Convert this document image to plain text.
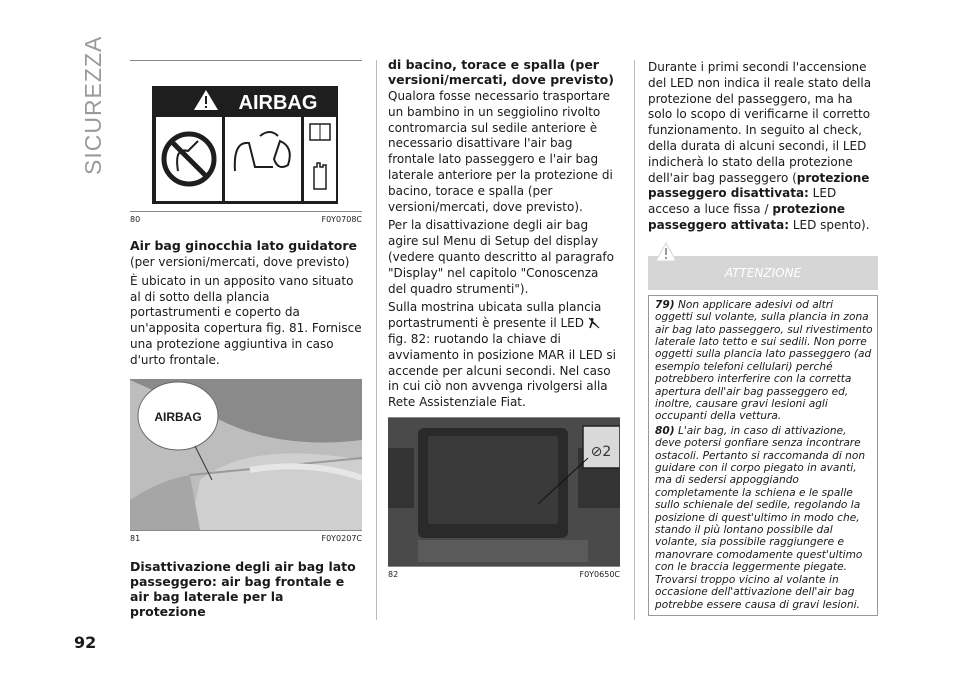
SICUREZZA
92
AIRBAG
80	F0Y0708C
Air bag ginocchia lato guidatore
(per versioni/mercati, dove previsto)
È ubicato in un apposito vano situato al di sotto della plancia portastrumenti e coperto da un'apposita copertura fig. 81. Fornisce una protezione aggiuntiva in caso d'urto frontale.
AIRBAG
81	F0Y0207C
Disattivazione degli air bag lato passeggero: air bag frontale e air bag laterale per la protezione
di bacino, torace e spalla (per versioni/mercati, dove previsto)
Qualora fosse necessario trasportare un bambino in un seggiolino rivolto contromarcia sul sedile anteriore è necessario disattivare l'air bag frontale lato passeggero e l'air bag laterale anteriore per la protezione di bacino, torace e spalla (per versioni/mercati, dove previsto).
Per la disattivazione degli air bag agire sul Menu di Setup del display (vedere quanto descritto al paragrafo "Display" nel capitolo "Conoscenza del quadro strumenti").
Sulla mostrina ubicata sulla plancia portastrumenti è presente il LED  fig. 82: ruotando la chiave di avviamento in posizione MAR il LED si accende per alcuni secondi. Nel caso in cui ciò non avvenga rivolgersi alla Rete Assistenziale Fiat.
⊘2
82	F0Y0650C
Durante i primi secondi l'accensione del LED non indica il reale stato della protezione del passeggero, ma ha solo lo scopo di verificarne il corretto funzionamento. In seguito al check, della durata di alcuni secondi, il LED indicherà lo stato della protezione dell'air bag passeggero (protezione passeggero disattivata: LED acceso a luce fissa / protezione passeggero attivata: LED spento).
ATTENZIONE
79) Non applicare adesivi od altri oggetti sul volante, sulla plancia in zona air bag lato passeggero, sul rivestimento laterale lato tetto e sui sedili. Non porre oggetti sulla plancia lato passeggero (ad esempio telefoni cellulari) perché potrebbero interferire con la corretta apertura dell'air bag passeggero ed, inoltre, causare gravi lesioni agli occupanti della vettura.
80) L'air bag, in caso di attivazione, deve potersi gonfiare senza incontrare ostacoli. Pertanto si raccomanda di non guidare con il corpo piegato in avanti, ma di sedersi appoggiando completamente la schiena e le spalle sullo schienale del sedile, regolando la posizione di quest'ultimo in modo che, stando il più lontano possibile dal volante, sia possibile raggiungere e manovrare comodamente quest'ultimo con le braccia leggermente piegate. Trovarsi troppo vicino al volante in occasione dell'attivazione dell'air bag potrebbe essere causa di gravi lesioni.
